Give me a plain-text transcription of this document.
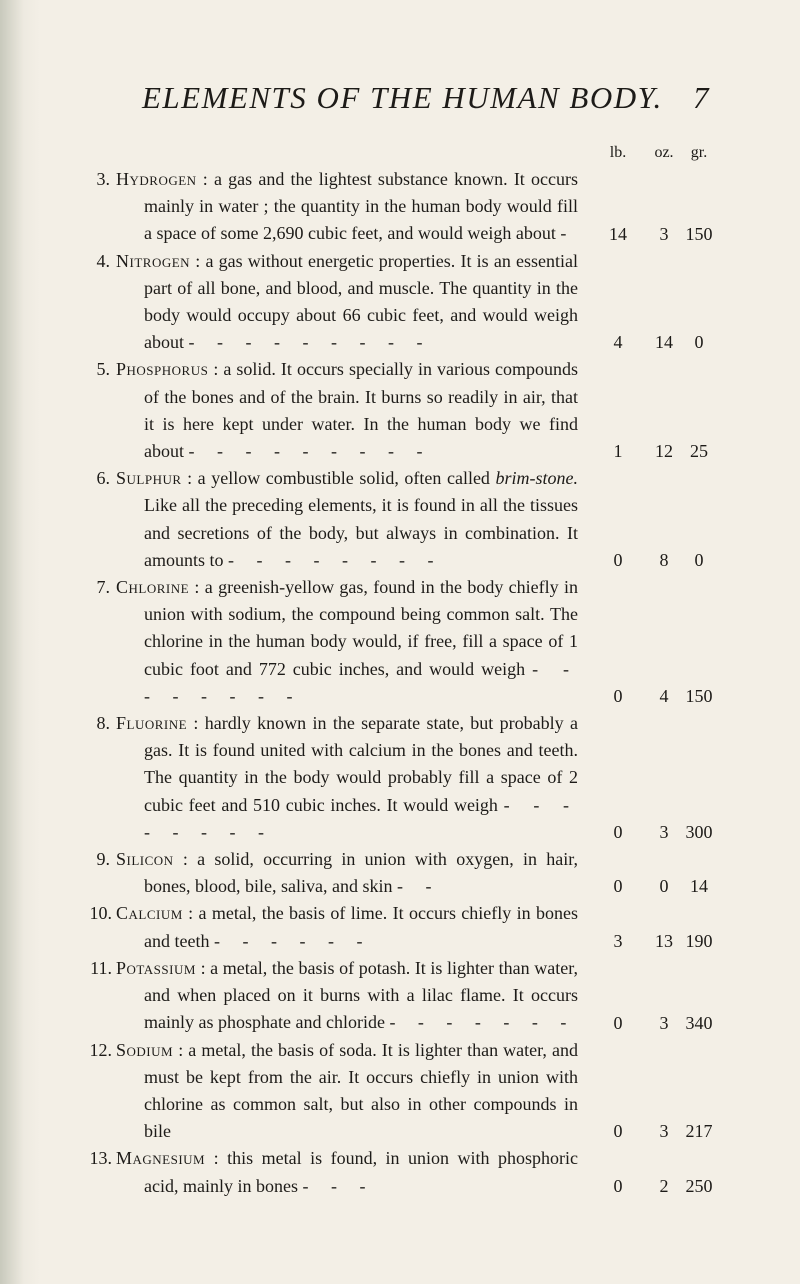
ELEMENTS OF THE HUMAN BODY. 7
lb.	oz.	gr.
3. Hydrogen : a gas and the lightest substance known. It occurs mainly in water ; the quantity in the human body would fill a space of some 2,690 cubic feet, and would weigh about -	14	3 150
4. Nitrogen : a gas without energetic properties. It is an essential part of all bone, and blood, and muscle. The quantity in the body would occupy about 66 cubic feet, and would weigh about - - - - - - - - -	4	14	0
5. Phosphorus : a solid. It occurs specially in various compounds of the bones and of the brain. It burns so readily in air, that it is here kept under water. In the human body we find about - - - - - - - - -	1	12 25
6. Sulphur : a yellow combustible solid, often called brim-stone. Like all the preceding elements, it is found in all the tissues and secretions of the body, but always in combination. It amounts to - - - - - - - -	0	8	0
7. Chlorine : a greenish-yellow gas, found in the body chiefly in union with sodium, the compound being common salt. The chlorine in the human body would, if free, fill a space of 1 cubic foot and 772 cubic inches, and would weigh - - - - - - - -	0	4 150
8. Fluorine : hardly known in the separate state, but probably a gas. It is found united with calcium in the bones and teeth. The quantity in the body would probably fill a space of 2 cubic feet and 510 cubic inches. It would weigh - - - - - - - -	0	3 300
9. Silicon : a solid, occurring in union with oxygen, in hair, bones, blood, bile, saliva, and skin - -	0	0	14
10. Calcium : a metal, the basis of lime. It occurs chiefly in bones and teeth - - - - - -	3	13 190
11. Potassium : a metal, the basis of potash. It is lighter than water, and when placed on it burns with a lilac flame. It occurs mainly as phosphate and chloride - - - - - - -	0	3 340
12. Sodium : a metal, the basis of soda. It is lighter than water, and must be kept from the air. It occurs chiefly in union with chlorine as common salt, but also in other compounds in bile	0	3 217
13. Magnesium : this metal is found, in union with phosphoric acid, mainly in bones - - -	0	2 250
